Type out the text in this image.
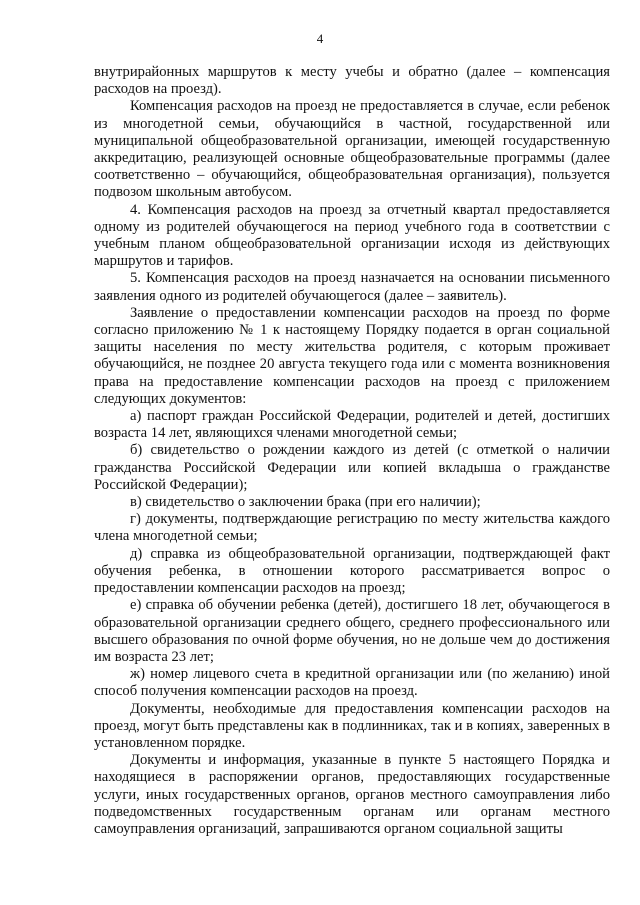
4

внутрирайонных маршрутов к месту учебы и обратно (далее – компенсация расходов на проезд).

Компенсация расходов на проезд не предоставляется в случае, если ребенок из многодетной семьи, обучающийся в частной, государственной или муниципальной общеобразовательной организации, имеющей государственную аккредитацию, реализующей основные общеобразовательные программы (далее соответственно – обучающийся, общеобразовательная организация), пользуется подвозом школьным автобусом.

4. Компенсация расходов на проезд за отчетный квартал предоставляется одному из родителей обучающегося на период учебного года в соответствии с учебным планом общеобразовательной организации исходя из действующих маршрутов и тарифов.

5. Компенсация расходов на проезд назначается на основании письменного заявления одного из родителей обучающегося (далее – заявитель).

Заявление о предоставлении компенсации расходов на проезд по форме согласно приложению № 1 к настоящему Порядку подается в орган социальной защиты населения по месту жительства родителя, с которым проживает обучающийся, не позднее 20 августа текущего года или с момента возникновения права на предоставление компенсации расходов на проезд с приложением следующих документов:

а) паспорт граждан Российской Федерации, родителей и детей, достигших возраста 14 лет, являющихся членами многодетной семьи;

б) свидетельство о рождении каждого из детей (с отметкой о наличии гражданства Российской Федерации или копией вкладыша о гражданстве Российской Федерации);

в) свидетельство о заключении брака (при его наличии);

г) документы, подтверждающие регистрацию по месту жительства каждого члена многодетной семьи;

д) справка из общеобразовательной организации, подтверждающей факт обучения ребенка, в отношении которого рассматривается вопрос о предоставлении компенсации расходов на проезд;

е) справка об обучении ребенка (детей), достигшего 18 лет, обучающегося в образовательной организации среднего общего, среднего профессионального или высшего образования по очной форме обучения, но не дольше чем до достижения им возраста 23 лет;

ж) номер лицевого счета в кредитной организации или (по желанию) иной способ получения компенсации расходов на проезд.

Документы, необходимые для предоставления компенсации расходов на проезд, могут быть представлены как в подлинниках, так и в копиях, заверенных в установленном порядке.

Документы и информация, указанные в пункте 5 настоящего Порядка и находящиеся в распоряжении органов, предоставляющих государственные услуги, иных государственных органов, органов местного самоуправления либо подведомственных государственным органам или органам местного самоуправления организаций, запрашиваются органом социальной защиты
